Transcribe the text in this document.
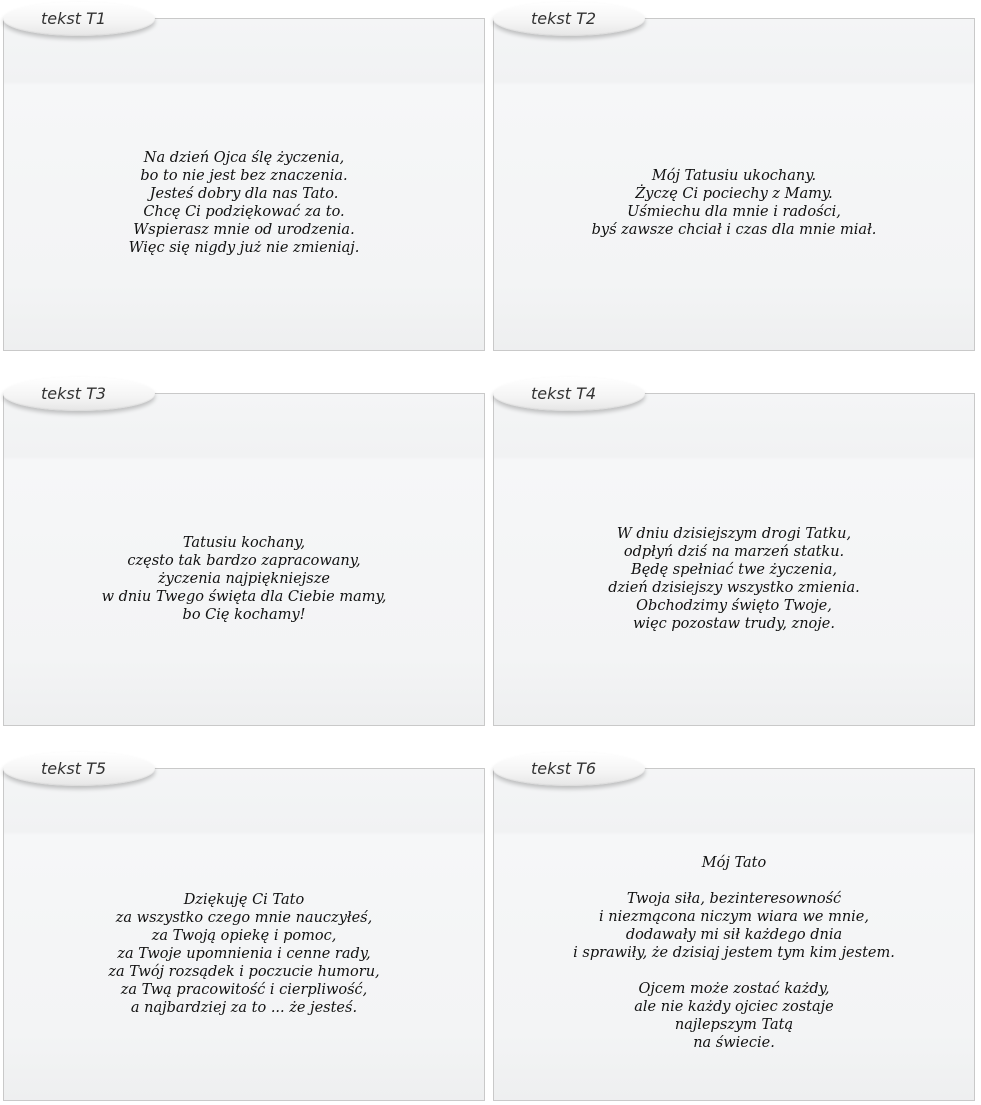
tekst T1
Na dzień Ojca ślę życzenia,
bo to nie jest bez znaczenia.
Jesteś dobry dla nas Tato.
Chcę Ci podziękować za to.
Wspierasz mnie od urodzenia.
Więc się nigdy już nie zmieniaj.
tekst T2
Mój Tatusiu ukochany.
Życzę Ci pociechy z Mamy.
Uśmiechu dla mnie i radości,
byś zawsze chciał i czas dla mnie miał.
tekst T3
Tatusiu kochany,
często tak bardzo zapracowany,
życzenia najpiękniejsze
w dniu Twego święta dla Ciebie mamy,
bo Cię kochamy!
tekst T4
W dniu dzisiejszym drogi Tatku,
odpłyń dziś na marzeń statku.
Będę spełniać twe życzenia,
dzień dzisiejszy wszystko zmienia.
Obchodzimy święto Twoje,
więc pozostaw trudy, znoje.
tekst T5
Dziękuję Ci Tato
za wszystko czego mnie nauczyłeś,
za Twoją opiekę i pomoc,
za Twoje upomnienia i cenne rady,
za Twój rozsądek i poczucie humoru,
za Twą pracowitość i cierpliwość,
a najbardziej za to ... że jesteś.
tekst T6
Mój Tato
Twoja siła, bezinteresowność
i niezmącona niczym wiara we mnie,
dodawały mi sił każdego dnia
i sprawiły, że dzisiaj jestem tym kim jestem.
Ojcem może zostać każdy,
ale nie każdy ojciec zostaje
najlepszym Tatą
na świecie.
